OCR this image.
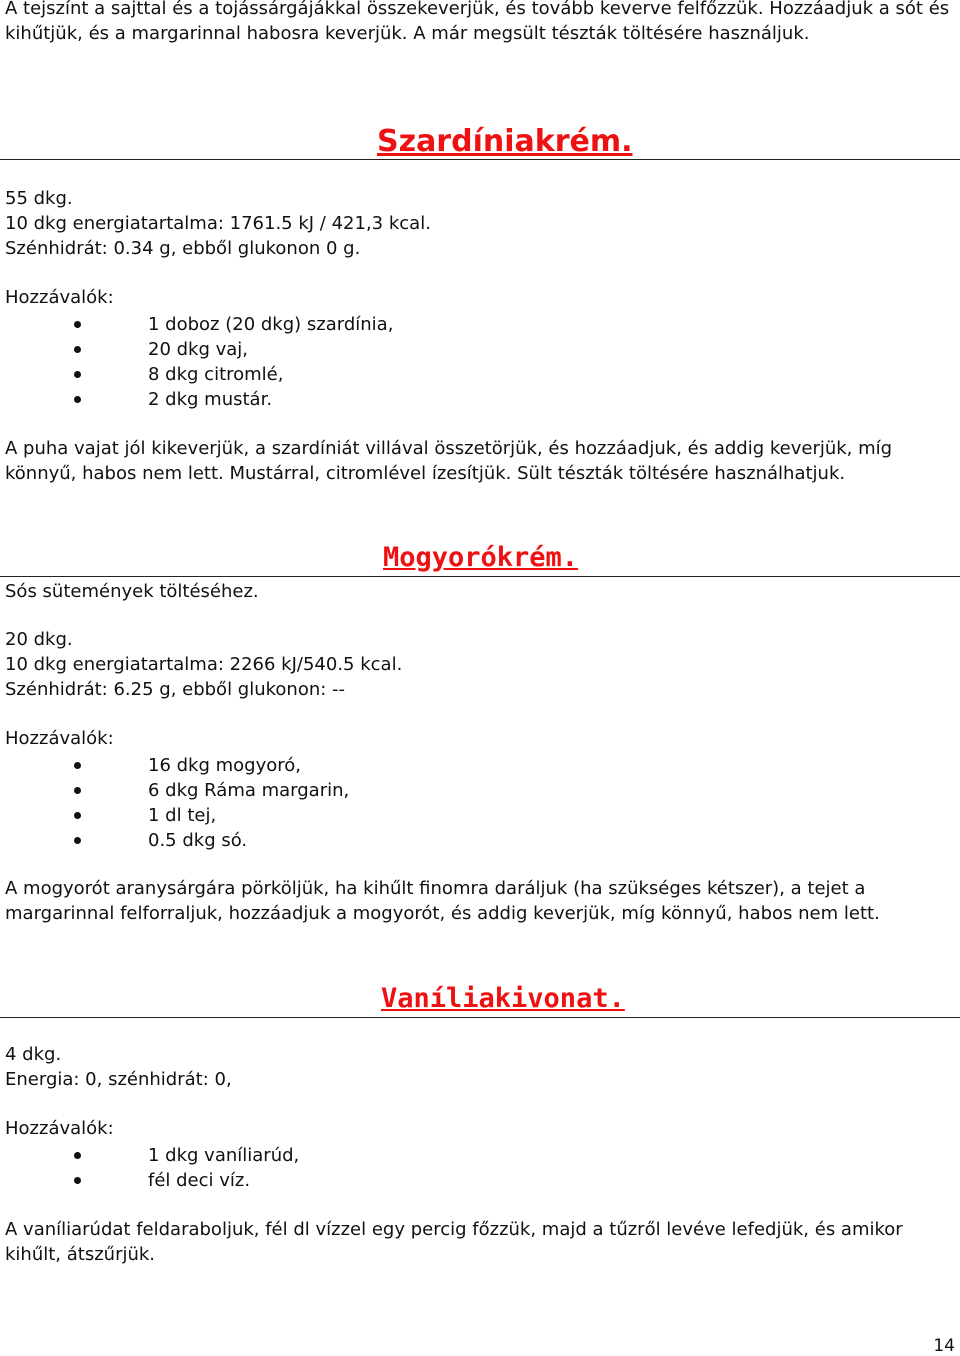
A tejszínt a sajttal és a tojássárgájákkal összekeverjük, és tovább keverve felfőzzük. Hozzáadjuk a sót és kihűtjük, és a margarinnal habosra keverjük. A már megsült tészták töltésére használjuk.

Szardíniakrém.
55 dkg.
10 dkg energiatartalma: 1761.5 kJ / 421,3 kcal.
Szénhidrát: 0.34 g, ebből glukonon 0 g.
Hozzávalók:
1 doboz (20 dkg) szardínia,
20 dkg vaj,
8 dkg citromlé,
2 dkg mustár.

A puha vajat jól kikeverjük, a szardíniát villával összetörjük, és hozzáadjuk, és addig keverjük, míg könnyű, habos nem lett. Mustárral, citromlével ízesítjük. Sült tészták töltésére használhatjuk.

Mogyorókrém.
Sós sütemények töltéséhez.
20 dkg.
10 dkg energiatartalma: 2266 kJ/540.5 kcal.
Szénhidrát: 6.25 g, ebből glukonon: --
Hozzávalók:
16 dkg mogyoró,
6 dkg Ráma margarin,
1 dl tej,
0.5 dkg só.

A mogyorót aranysárgára pörköljük, ha kihűlt finomra daráljuk (ha szükséges kétszer), a tejet a margarinnal felforraljuk, hozzáadjuk a mogyorót, és addig keverjük, míg könnyű, habos nem lett.

Vaníliakivonat.
4 dkg.
Energia: 0, szénhidrát: 0,
Hozzávalók:
1 dkg vaníliarúd,
fél deci víz.

A vaníliarúdat feldaraboljuk, fél dl vízzel egy percig főzzük, majd a tűzről levéve lefedjük, és amikor kihűlt, átszűrjük.

14
